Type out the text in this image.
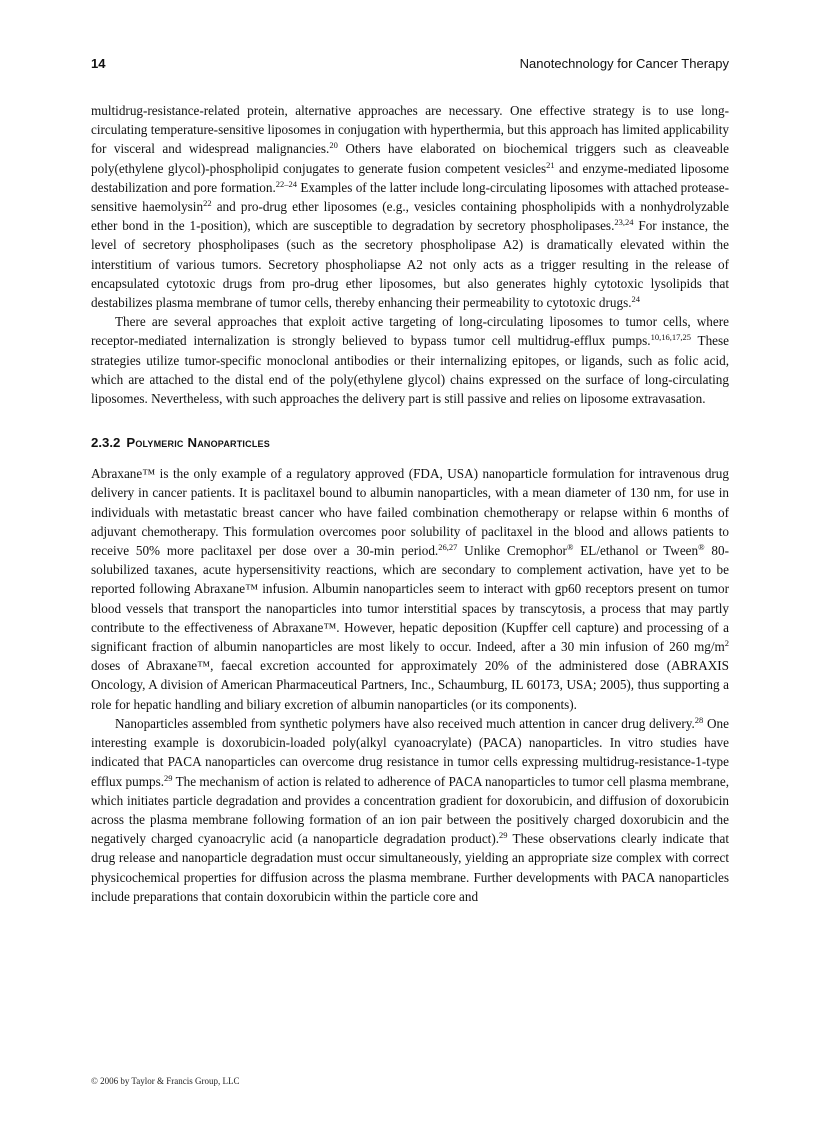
14	Nanotechnology for Cancer Therapy

multidrug-resistance-related protein, alternative approaches are necessary. One effective strategy is to use long-circulating temperature-sensitive liposomes in conjugation with hyperthermia, but this approach has limited applicability for visceral and widespread malignancies.$^{20}$ Others have elaborated on biochemical triggers such as cleaveable poly(ethylene glycol)-phospholipid conjugates to generate fusion competent vesicles$^{21}$ and enzyme-mediated liposome destabilization and pore formation.$^{22-24}$ Examples of the latter include long-circulating liposomes with attached protease-sensitive haemolysin$^{22}$ and pro-drug ether liposomes (e.g., vesicles containing phospholipids with a nonhydrolyzable ether bond in the 1-position), which are susceptible to degradation by secretory phospholipases.$^{23,24}$ For instance, the level of secretory phospholipases (such as the secretory phospholipase A2) is dramatically elevated within the interstitium of various tumors. Secretory phospholiapse A2 not only acts as a trigger resulting in the release of encapsulated cytotoxic drugs from pro-drug ether liposomes, but also generates highly cytotoxic lysolipids that destabilizes plasma membrane of tumor cells, thereby enhancing their permeability to cytotoxic drugs.$^{24}$

There are several approaches that exploit active targeting of long-circulating liposomes to tumor cells, where receptor-mediated internalization is strongly believed to bypass tumor cell multidrug-efflux pumps.$^{10,16,17,25}$ These strategies utilize tumor-specific monoclonal antibodies or their internalizing epitopes, or ligands, such as folic acid, which are attached to the distal end of the poly(ethylene glycol) chains expressed on the surface of long-circulating liposomes. Nevertheless, with such approaches the delivery part is still passive and relies on liposome extravasation.

2.3.2 Polymeric Nanoparticles

Abraxane™ is the only example of a regulatory approved (FDA, USA) nanoparticle formulation for intravenous drug delivery in cancer patients. It is paclitaxel bound to albumin nanoparticles, with a mean diameter of 130 nm, for use in individuals with metastatic breast cancer who have failed combination chemotherapy or relapse within 6 months of adjuvant chemotherapy. This formulation overcomes poor solubility of paclitaxel in the blood and allows patients to receive 50% more paclitaxel per dose over a 30-min period.$^{26,27}$ Unlike Cremophor® EL/ethanol or Tween® 80-solubilized taxanes, acute hypersensitivity reactions, which are secondary to complement activation, have yet to be reported following Abraxane™ infusion. Albumin nanoparticles seem to interact with gp60 receptors present on tumor blood vessels that transport the nanoparticles into tumor interstitial spaces by transcytosis, a process that may partly contribute to the effectiveness of Abraxane™. However, hepatic deposition (Kupffer cell capture) and processing of a significant fraction of albumin nanoparticles are most likely to occur. Indeed, after a 30 min infusion of 260 $mg/m^2$ doses of Abraxane™, faecal excretion accounted for approximately 20% of the administered dose (ABRAXIS Oncology, A division of American Pharmaceutical Partners, Inc., Schaumburg, IL 60173, USA; 2005), thus supporting a role for hepatic handling and biliary excretion of albumin nanoparticles (or its components).

Nanoparticles assembled from synthetic polymers have also received much attention in cancer drug delivery.$^{28}$ One interesting example is doxorubicin-loaded poly(alkyl cyanoacrylate) (PACA) nanoparticles. In vitro studies have indicated that PACA nanoparticles can overcome drug resistance in tumor cells expressing multidrug-resistance-1-type efflux pumps.$^{29}$ The mechanism of action is related to adherence of PACA nanoparticles to tumor cell plasma membrane, which initiates particle degradation and provides a concentration gradient for doxorubicin, and diffusion of doxorubicin across the plasma membrane following formation of an ion pair between the positively charged doxorubicin and the negatively charged cyanoacrylic acid (a nanoparticle degradation product).$^{29}$ These observations clearly indicate that drug release and nanoparticle degradation must occur simultaneously, yielding an appropriate size complex with correct physicochemical properties for diffusion across the plasma membrane. Further developments with PACA nanoparticles include preparations that contain doxorubicin within the particle core and

© 2006 by Taylor & Francis Group, LLC
